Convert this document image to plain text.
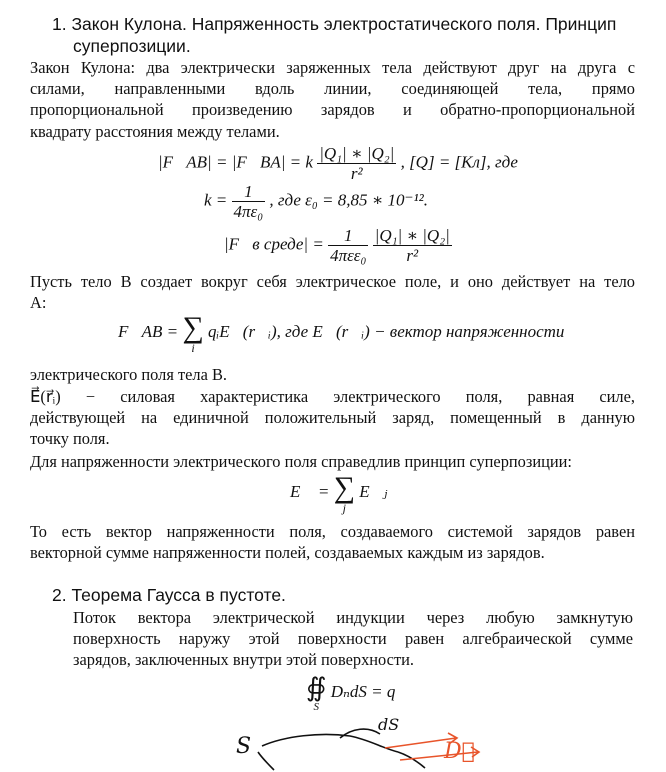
1. Закон Кулона. Напряженность электростатического поля. Принцип
суперпозиции.
Закон Кулона: два электрически заряженных тела действуют друг на друга с
силами, направленными вдоль линии, соединяющей тела, прямо
пропорциональной произведению зарядов и обратно-пропорциональной
квадрату расстояния между телами.
|F⃗AB| = |F⃗BA| = k $\frac{\text{|Q₁| ∗ |Q₂|}}{\text{r²}}$ , [Q] = [Кл], где
$k = \frac{1}{\text{4πε₀}}$ , где ε₀ = 8,85 ∗ 10⁻¹².
|F⃗в среде| = $\frac{1}{\text{4πεε₀}}$
$\frac{\text{|Q₁| ∗ |Q₂|}}{\text{r²}}$
Пусть тело B создает вокруг себя электрическое поле, и оно действует на тело
A:
F⃗AB = ∑
i
qᵢE⃗(r⃗ᵢ), где E⃗(r⃗ᵢ) − вектор напряженности
электрического поля тела B.
E⃗(r⃗ᵢ) − силовая характеристика электрического поля, равная силе,
действующей на единичной положительный заряд, помещенный в данную
точку поля.
Для напряженности электрического поля справедлив принцип суперпозиции:
E⃗ = ∑
j
E⃗ⱼ
То есть вектор напряженности поля, создаваемого системой зарядов равен
векторной сумме напряженности полей, создаваемых каждым из зарядов.
2. Теорема Гаусса в пустоте.
Поток вектора электрической индукции через любую замкнутую
поверхность наружу этой поверхности равен алгебраической сумме
зарядов, заключенных внутри этой поверхности.
∯
S
DₙdS = q
S
dS
D⃗
